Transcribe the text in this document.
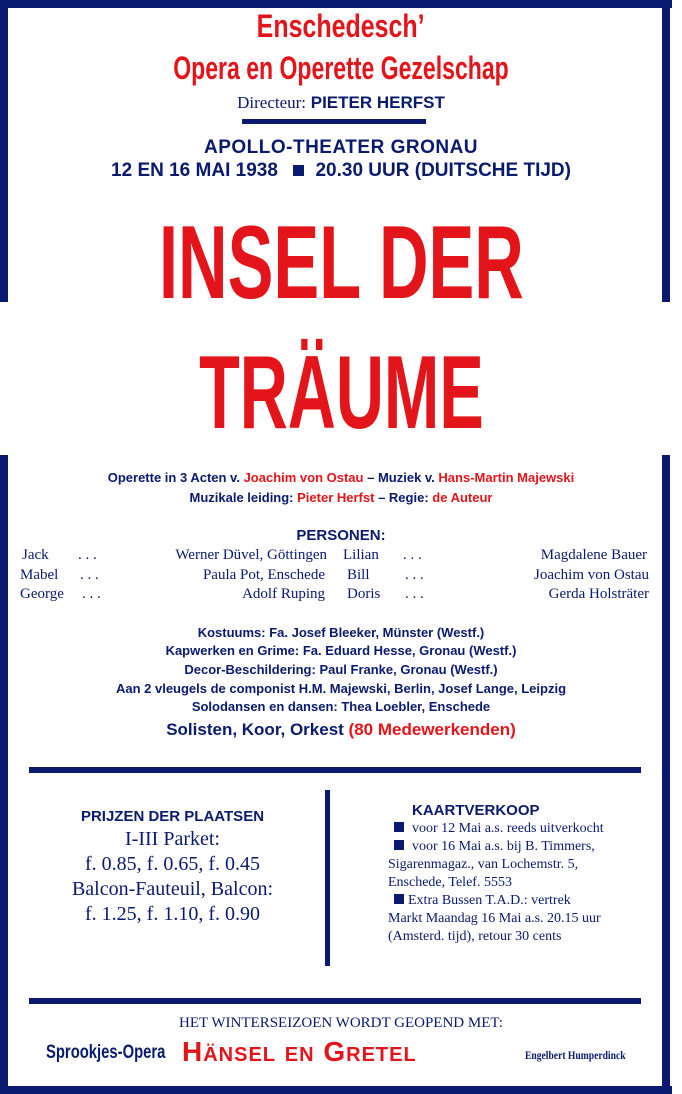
Enschedesch’
Opera en Operette Gezelschap
Directeur: PIETER HERFST
APOLLO-THEATER GRONAU
12 EN 16 MAI 1938 20.30 UUR (DUITSCHE TIJD)
INSEL DER
TRÄUME
Operette in 3 Acten v. Joachim von Ostau – Muziek v. Hans-Martin Majewski
Muzikale leiding: Pieter Herfst – Regie: de Auteur
PERSONEN:
Jack . . .	Werner Düvel, Göttingen Lilian . . .	Magdalene Bauer
Mabel . . .	Paula Pot, Enschede Bill . . .	Joachim von Ostau
George . . .	Adolf Ruping Doris . . .	Gerda Holsträter
Kostuums: Fa. Josef Bleeker, Münster (Westf.)
Kapwerken en Grime: Fa. Eduard Hesse, Gronau (Westf.)
Decor-Beschildering: Paul Franke, Gronau (Westf.)
Aan 2 vleugels de componist H.M. Majewski, Berlin, Josef Lange, Leipzig
Solodansen en dansen: Thea Loebler, Enschede
Solisten, Koor, Orkest (80 Medewerkenden)
PRIJZEN DER PLAATSEN
I-III Parket:
f. 0.85, f. 0.65, f. 0.45
Balcon-Fauteuil, Balcon:
f. 1.25, f. 1.10, f. 0.90
KAARTVERKOOP
voor 12 Mai a.s. reeds uitverkocht
voor 16 Mai a.s. bij B. Timmers,
Sigarenmagaz., van Lochemstr. 5,
Enschede, Telef. 5553
Extra Bussen T.A.D.: vertrek
Markt Maandag 16 Mai a.s. 20.15 uur
(Amsterd. tijd), retour 30 cents
HET WINTERSEIZOEN WORDT GEOPEND MET:
Sprookjes-Opera Hänsel en Gretel	Engelbert Humperdinck
